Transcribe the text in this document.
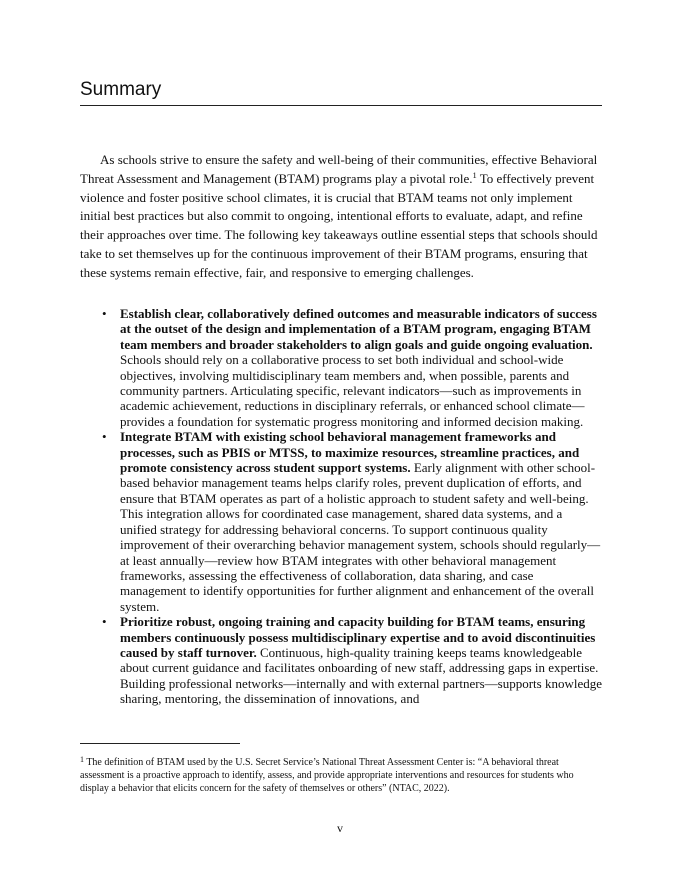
Summary

As schools strive to ensure the safety and well-being of their communities, effective Behavioral Threat Assessment and Management (BTAM) programs play a pivotal role.$^1$ To effectively prevent violence and foster positive school climates, it is crucial that BTAM teams not only implement initial best practices but also commit to ongoing, intentional efforts to evaluate, adapt, and refine their approaches over time. The following key takeaways outline essential steps that schools should take to set themselves up for the continuous improvement of their BTAM programs, ensuring that these systems remain effective, fair, and responsive to emerging challenges.

• Establish clear, collaboratively defined outcomes and measurable indicators of success at the outset of the design and implementation of a BTAM program, engaging BTAM team members and broader stakeholders to align goals and guide ongoing evaluation. Schools should rely on a collaborative process to set both individual and school-wide objectives, involving multidisciplinary team members and, when possible, parents and community partners. Articulating specific, relevant indicators—such as improvements in academic achievement, reductions in disciplinary referrals, or enhanced school climate—provides a foundation for systematic progress monitoring and informed decision making.
• Integrate BTAM with existing school behavioral management frameworks and processes, such as PBIS or MTSS, to maximize resources, streamline practices, and promote consistency across student support systems. Early alignment with other school-based behavior management teams helps clarify roles, prevent duplication of efforts, and ensure that BTAM operates as part of a holistic approach to student safety and well-being. This integration allows for coordinated case management, shared data systems, and a unified strategy for addressing behavioral concerns. To support continuous quality improvement of their overarching behavior management system, schools should regularly—at least annually—review how BTAM integrates with other behavioral management frameworks, assessing the effectiveness of collaboration, data sharing, and case management to identify opportunities for further alignment and enhancement of the overall system.
• Prioritize robust, ongoing training and capacity building for BTAM teams, ensuring members continuously possess multidisciplinary expertise and to avoid discontinuities caused by staff turnover. Continuous, high-quality training keeps teams knowledgeable about current guidance and facilitates onboarding of new staff, addressing gaps in expertise. Building professional networks—internally and with external partners—supports knowledge sharing, mentoring, the dissemination of innovations, and

$^1$ The definition of BTAM used by the U.S. Secret Service’s National Threat Assessment Center is: “A behavioral threat assessment is a proactive approach to identify, assess, and provide appropriate interventions and resources for students who display a behavior that elicits concern for the safety of themselves or others” (NTAC, 2022).

v
